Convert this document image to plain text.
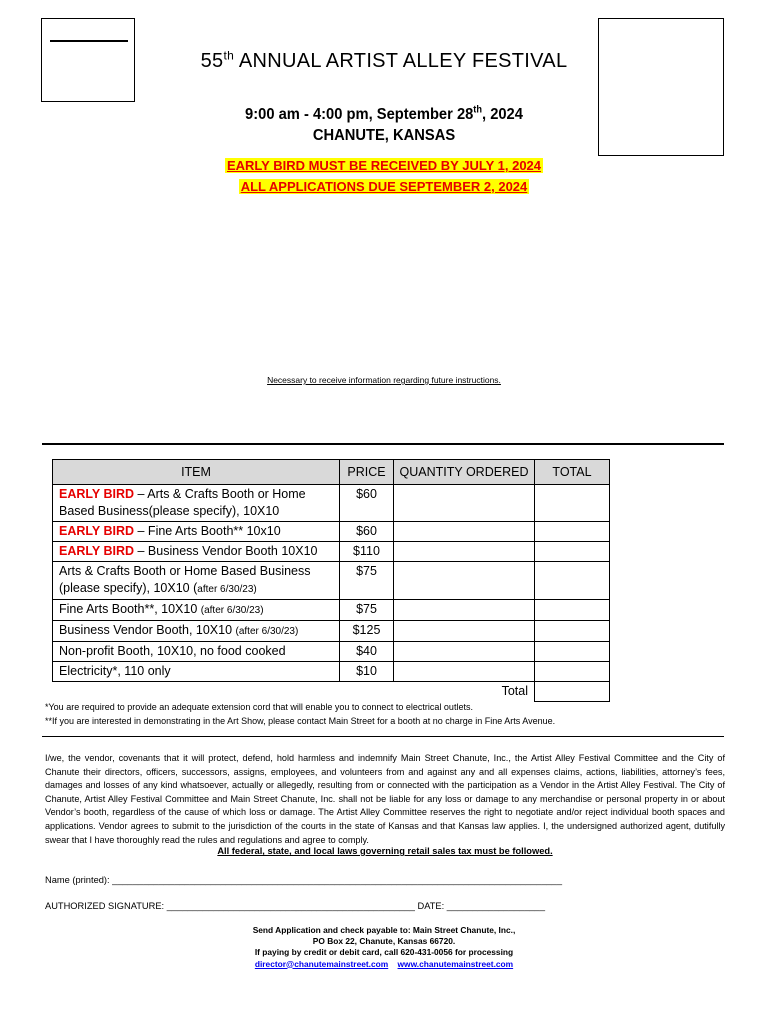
55th ANNUAL ARTIST ALLEY FESTIVAL
9:00 am - 4:00 pm, September 28th, 2024
CHANUTE, KANSAS
EARLY BIRD MUST BE RECEIVED BY JULY 1, 2024
ALL APPLICATIONS DUE SEPTEMBER 2, 2024
Necessary to receive information regarding future instructions.
ITEM	PRICE	QUANTITY ORDERED	TOTAL
EARLY BIRD – Arts & Crafts Booth or Home Based Business(please specify), 10X10	$60		
EARLY BIRD – Fine Arts Booth** 10x10	$60		
EARLY BIRD – Business Vendor Booth 10X10	$110		
Arts & Crafts Booth or Home Based Business (please specify), 10X10 (after 6/30/23)	$75		
Fine Arts Booth**, 10X10 (after 6/30/23)	$75		
Business Vendor Booth, 10X10 (after 6/30/23)	$125		
Non-profit Booth, 10X10, no food cooked	$40		
Electricity*, 110 only	$10		
Total			
*You are required to provide an adequate extension cord that will enable you to connect to electrical outlets.
**If you are interested in demonstrating in the Art Show, please contact Main Street for a booth at no charge in Fine Arts Avenue.
I/we, the vendor, covenants that it will protect, defend, hold harmless and indemnify Main Street Chanute, Inc., the Artist Alley Festival Committee and the City of Chanute their directors, officers, successors, assigns, employees, and volunteers from and against any and all expenses claims, actions, liabilities, attorney’s fees, damages and losses of any kind whatsoever, actually or allegedly, resulting from or connected with the participation as a Vendor in the Artist Alley Festival. The City of Chanute, Artist Alley Festival Committee and Main Street Chanute, Inc. shall not be liable for any loss or damage to any merchandise or personal property in or about Vendor’s booth, regardless of the cause of which loss or damage. The Artist Alley Committee reserves the right to negotiate and/or reject individual booth spaces and applications. Vendor agrees to submit to the jurisdiction of the courts in the state of Kansas and that Kansas law applies. I, the undersigned authorized agent, dutifully swear that I have thoroughly read the rules and regulations and agree to comply.
All federal, state, and local laws governing retail sales tax must be followed.
Name (printed): _______________________________________________________________________________________
AUTHORIZED SIGNATURE: ________________________________________________ DATE: ___________________
Send Application and check payable to: Main Street Chanute, Inc.,
PO Box 22, Chanute, Kansas 66720.
If paying by credit or debit card, call 620-431-0056 for processing
director@chanutemainstreet.com www.chanutemainstreet.com
